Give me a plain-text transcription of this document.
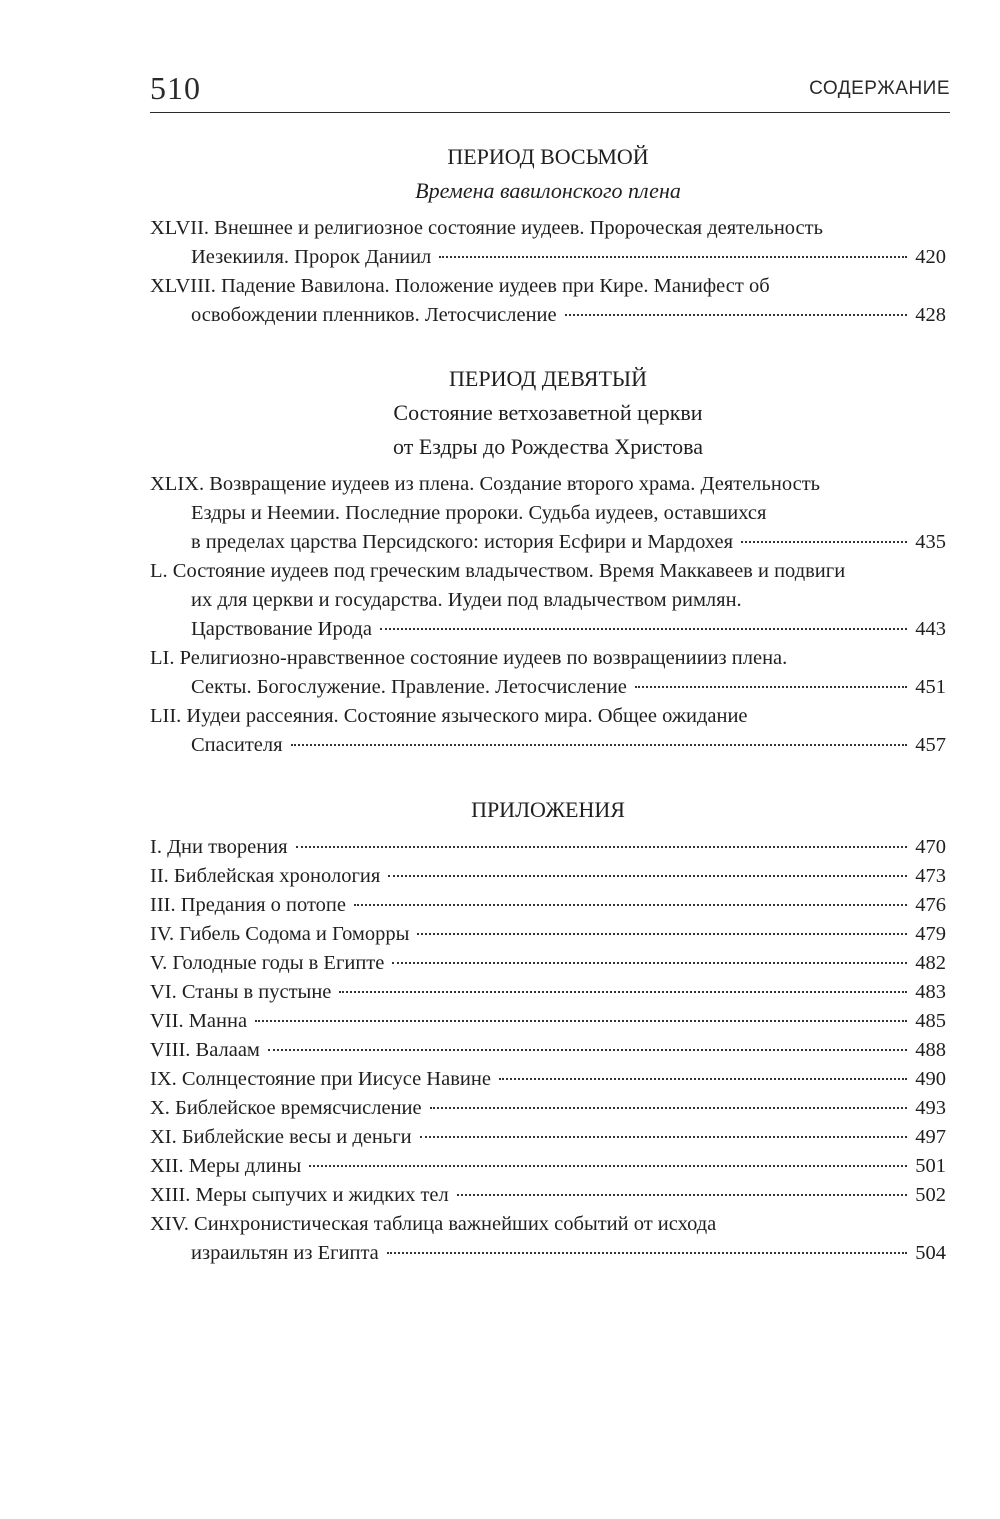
510	СОДЕРЖАНИЕ
ПЕРИОД ВОСЬМОЙ
Времена вавилонского плена
XLVII. Внешнее и религиозное состояние иудеев. Пророческая деятельность
Иезекииля. Пророк Даниил	420
XLVIII. Падение Вавилона. Положение иудеев при Кире. Манифест об
освобождении пленников. Летосчисление	428
ПЕРИОД ДЕВЯТЫЙ
Состояние ветхозаветной церкви
от Ездры до Рождества Христова
XLIX. Возвращение иудеев из плена. Создание второго храма. Деятельность
Ездры и Неемии. Последние пророки. Судьба иудеев, оставшихся
в пределах царства Персидского: история Есфири и Мардохея	435
L. Состояние иудеев под греческим владычеством. Время Маккавеев и подвиги
их для церкви и государства. Иудеи под владычеством римлян.
Царствование Ирода	443
LI. Религиозно-нравственное состояние иудеев по возвращениииз плена.
Секты. Богослужение. Правление. Летосчисление	451
LII. Иудеи рассеяния. Состояние языческого мира. Общее ожидание
Спасителя	457
ПРИЛОЖЕНИЯ
I. Дни творения	470
II. Библейская хронология	473
III. Предания о потопе	476
IV. Гибель Содома и Гоморры	479
V. Голодные годы в Египте	482
VI. Станы в пустыне	483
VII. Манна	485
VIII. Валаам	488
IX. Солнцестояние при Иисусе Навине	490
X. Библейское времясчисление	493
XI. Библейские весы и деньги	497
XII. Меры длины	501
XIII. Меры сыпучих и жидких тел	502
XIV. Синхронистическая таблица важнейших событий от исхода
израильтян из Египта	504
